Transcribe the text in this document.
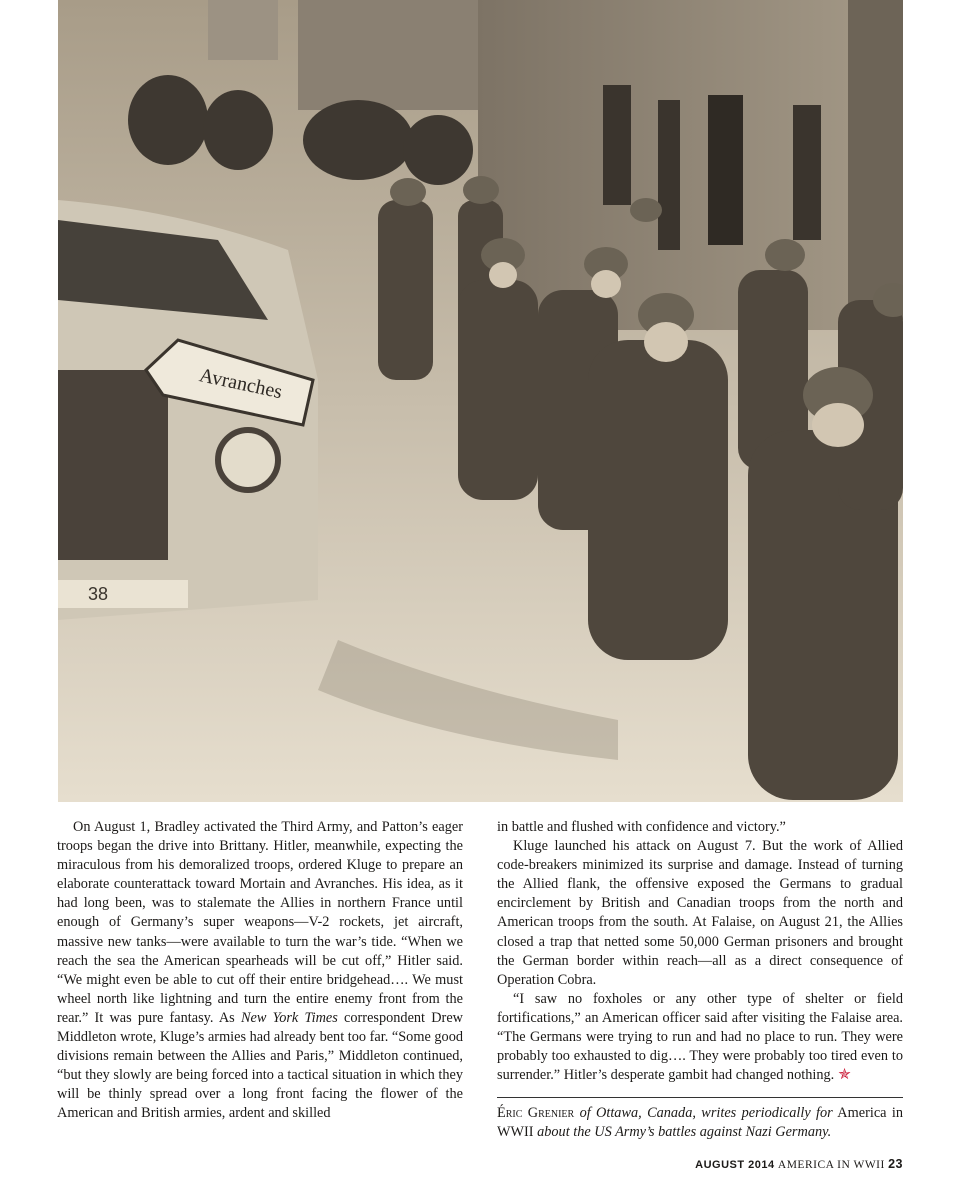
38
Avranches

On August 1, Bradley activated the Third Army, and Patton’s eager troops began the drive into Brittany. Hitler, meanwhile, expecting the miraculous from his demoralized troops, ordered Kluge to prepare an elaborate counterattack toward Mortain and Avranches. His idea, as it had long been, was to stalemate the Allies in northern France until enough of Germany’s super weapons—V-2 rockets, jet aircraft, massive new tanks—were available to turn the war’s tide. “When we reach the sea the American spearheads will be cut off,” Hitler said. “We might even be able to cut off their entire bridgehead…. We must wheel north like lightning and turn the entire enemy front from the rear.” It was pure fantasy. As New York Times correspondent Drew Middleton wrote, Kluge’s armies had already bent too far. “Some good divisions remain between the Allies and Paris,” Middleton continued, “but they slowly are being forced into a tactical situation in which they will be thinly spread over a long front facing the flower of the American and British armies, ardent and skilled

in battle and flushed with confidence and victory.”

Kluge launched his attack on August 7. But the work of Allied code-breakers minimized its surprise and damage. Instead of turning the Allied flank, the offensive exposed the Germans to gradual encirclement by British and Canadian troops from the north and American troops from the south. At Falaise, on August 21, the Allies closed a trap that netted some 50,000 German prisoners and brought the German border within reach—all as a direct consequence of Operation Cobra.

“I saw no foxholes or any other type of shelter or field fortifications,” an American officer said after visiting the Falaise area. “The Germans were trying to run and had no place to run. They were probably too exhausted to dig…. They were probably too tired even to surrender.” Hitler’s desperate gambit had changed nothing. ✯

Éric Grenier of Ottawa, Canada, writes periodically for America in WWII about the US Army’s battles against Nazi Germany.
AUGUST 2014 AMERICA IN WWII 23
